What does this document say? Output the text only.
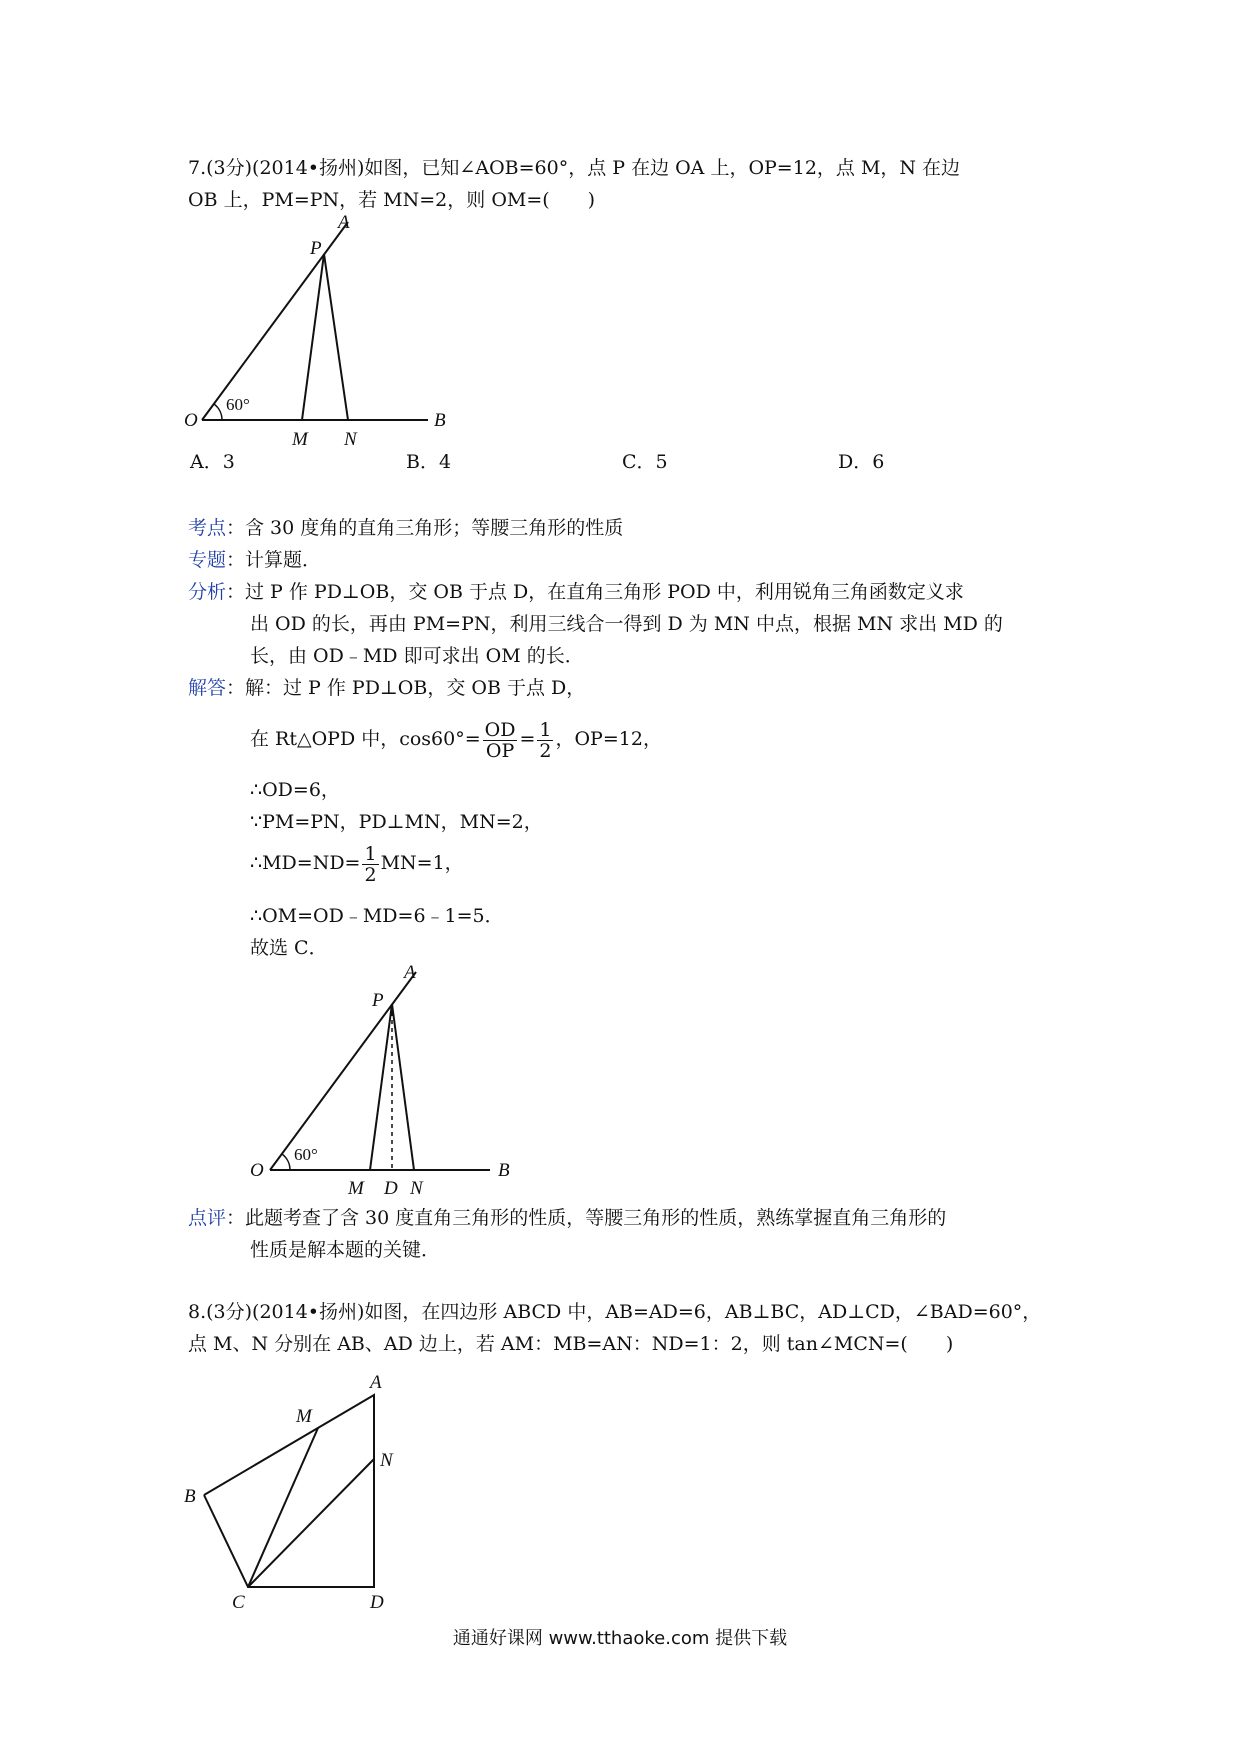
7.(3分)(2014•扬州)如图，已知∠AOB=60°，点 P 在边 OA 上，OP=12，点 M，N 在边
OB 上，PM=PN，若 MN=2，则 OM=(　　)
A
P
O
M N
B
60°
A．3	B．4	C．5	D．6
考点：含 30 度角的直角三角形；等腰三角形的性质
专题：计算题．
分析：过 P 作 PD⊥OB，交 OB 于点 D，在直角三角形 POD 中，利用锐角三角函数定义求
出 OD 的长，再由 PM=PN，利用三线合一得到 D 为 MN 中点，根据 MN 求出 MD 的
长，由 OD﹣MD 即可求出 OM 的长．
解答：解：过 P 作 PD⊥OB，交 OB 于点 D，
在 Rt△OPD 中，$\cos 60^\circ= \frac{OD}{OP} = \frac{1}{2}$ ，OP=12，
∴OD=6，
∵PM=PN，PD⊥MN，MN=2，
∴MD=ND= $\frac{1}{2} MN=1$，
∴OM=OD﹣MD=6﹣1=5．
故选 C．
A
P
O
M D N
B
60°
点评：此题考查了含 30 度直角三角形的性质，等腰三角形的性质，熟练掌握直角三角形的
性质是解本题的关键．
8.(3分)(2014•扬州)如图，在四边形 ABCD 中，AB=AD=6，AB⊥BC，AD⊥CD，∠BAD=60°，
点 M、N 分别在 AB、AD 边上，若 AM：MB=AN：ND=1：2，则 tan∠MCN=(　　)
A
M
N
B
C	D
通通好课网 www.tthaoke.com 提供下载
